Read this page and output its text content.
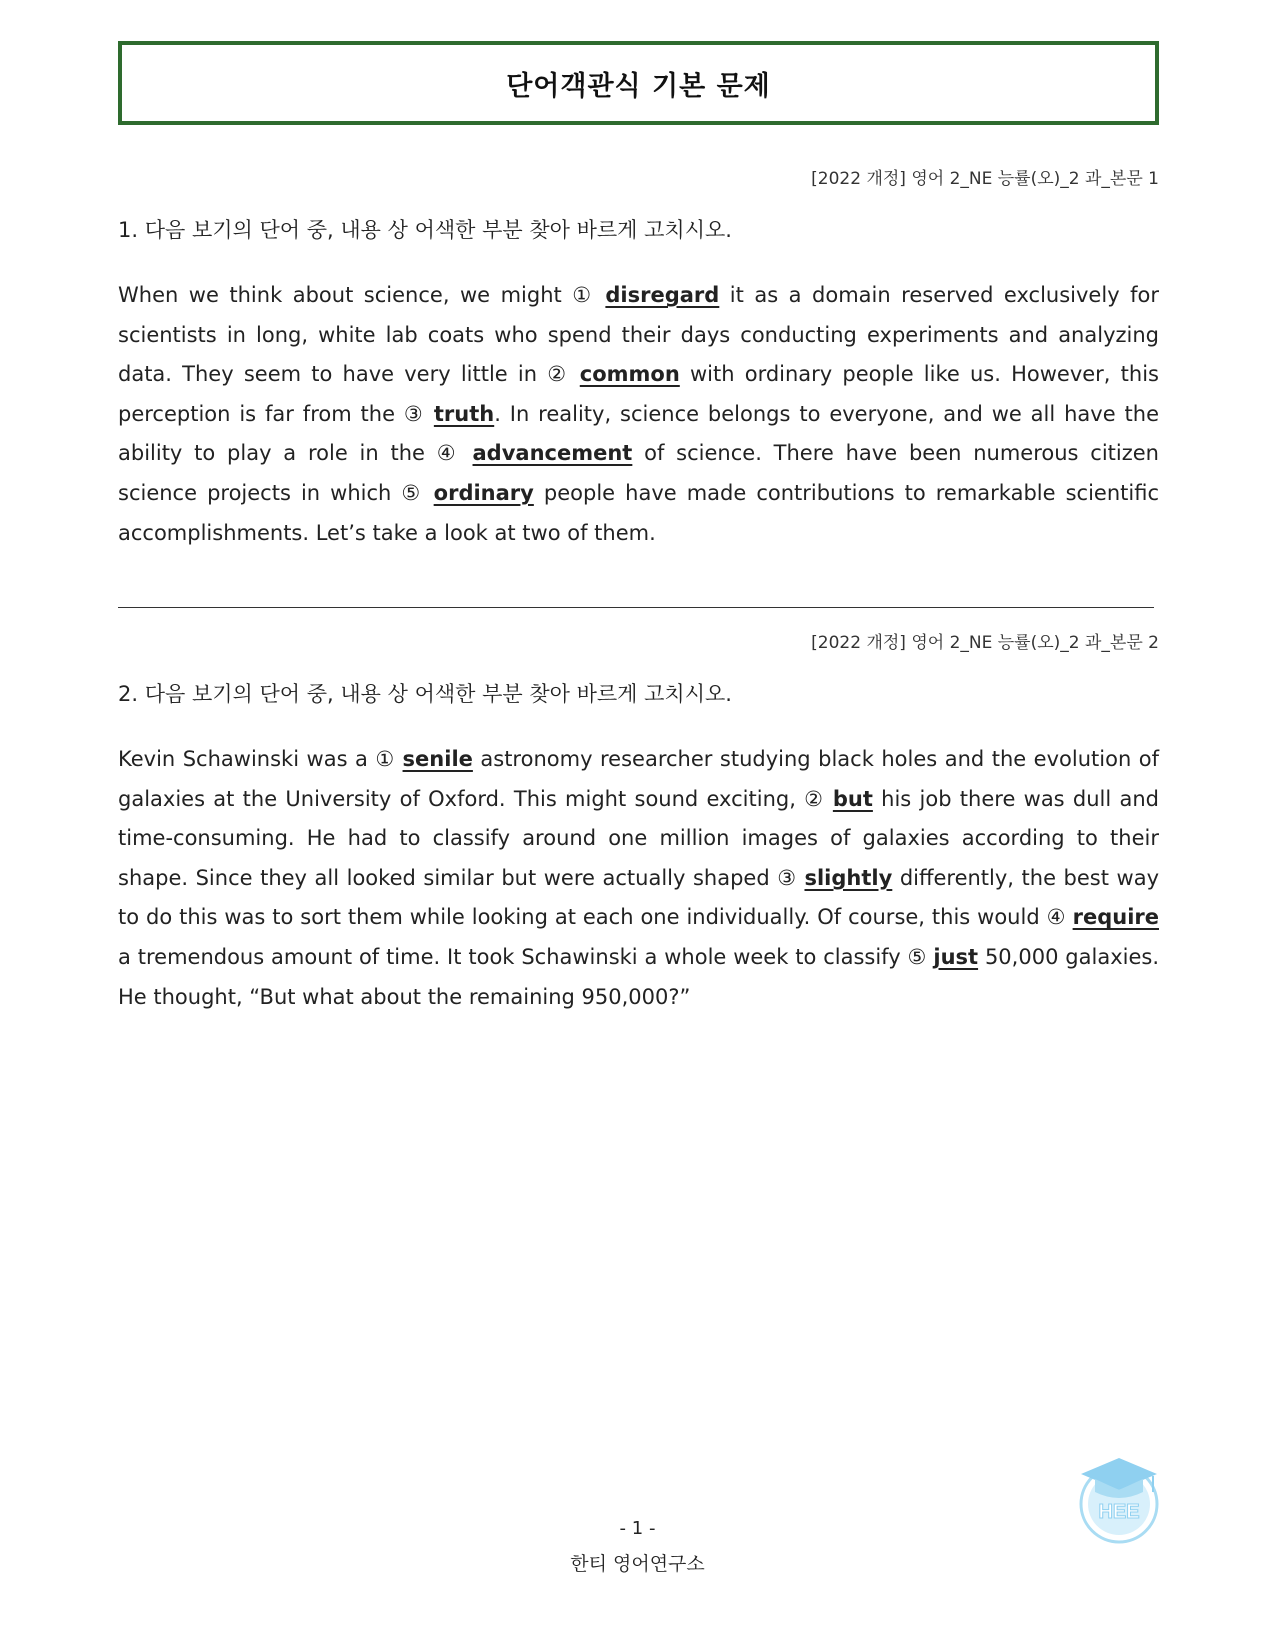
단어객관식 기본 문제
[2022 개정] 영어 2_NE 능률(오)_2 과_본문 1
1. 다음 보기의 단어 중, 내용 상 어색한 부분 찾아 바르게 고치시오.

When we think about science, we might ① disregard it as a domain reserved exclusively for scientists in long, white lab coats who spend their days conducting experiments and analyzing data. They seem to have very little in ② common with ordinary people like us. However, this perception is far from the ③ truth. In reality, science belongs to everyone, and we all have the ability to play a role in the ④ advancement of science. There have been numerous citizen science projects in which ⑤ ordinary people have made contributions to remarkable scientific accomplishments. Let’s take a look at two of them.

[2022 개정] 영어 2_NE 능률(오)_2 과_본문 2
2. 다음 보기의 단어 중, 내용 상 어색한 부분 찾아 바르게 고치시오.

Kevin Schawinski was a ① senile astronomy researcher studying black holes and the evolution of galaxies at the University of Oxford. This might sound exciting, ② but his job there was dull and time-consuming. He had to classify around one million images of galaxies according to their shape. Since they all looked similar but were actually shaped ③ slightly differently, the best way to do this was to sort them while looking at each one individually. Of course, this would ④ require a tremendous amount of time. It took Schawinski a whole week to classify ⑤ just 50,000 galaxies. He thought, “But what about the remaining 950,000?”

HEE
- 1 -
한티 영어연구소
